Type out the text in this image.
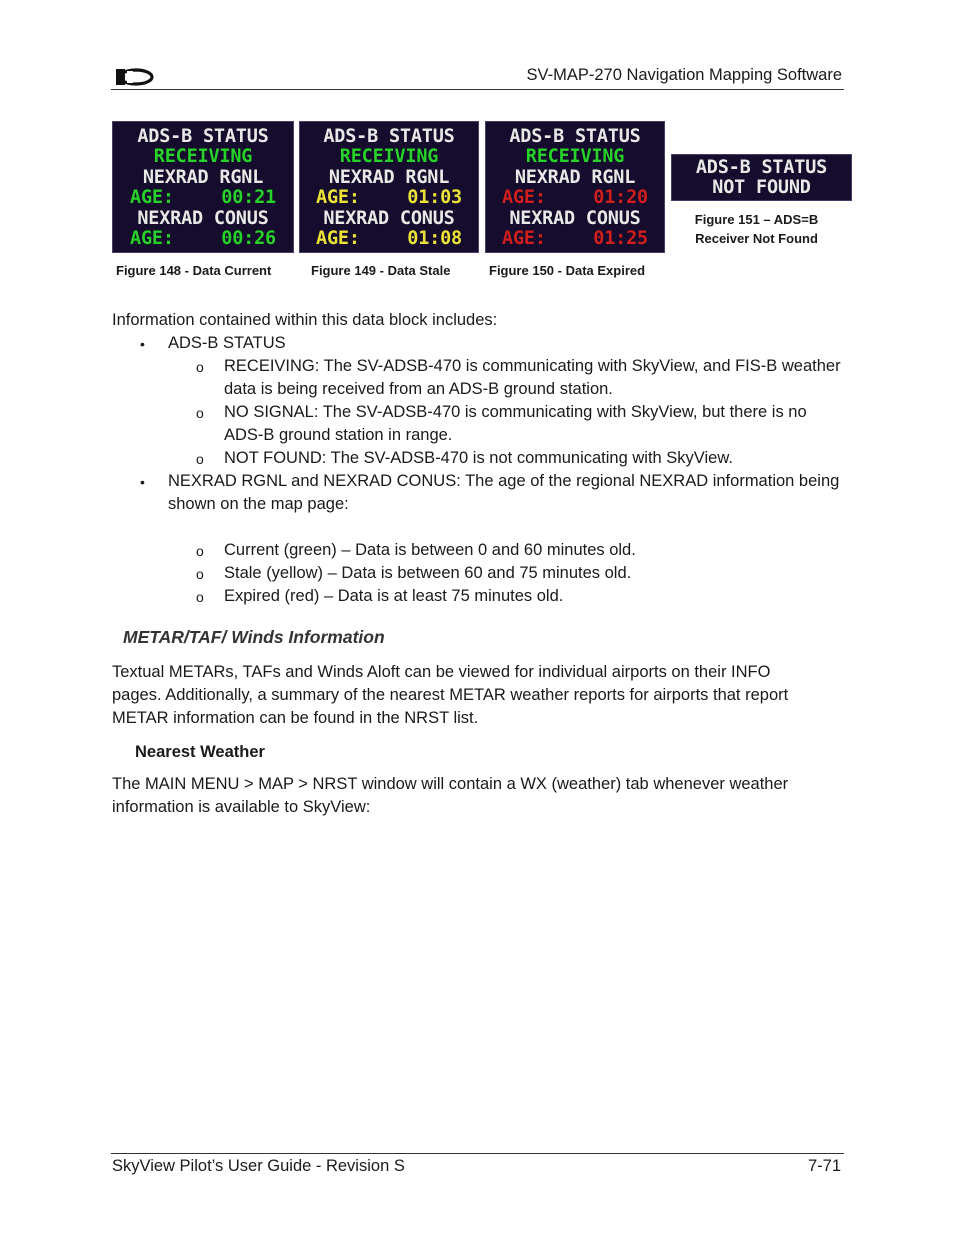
SV-MAP-270 Navigation Mapping Software
ADS-B STATUS
RECEIVING
NEXRAD RGNL
AGE:	00:21
NEXRAD CONUS
AGE:	00:26
Figure 148 - Data Current
ADS-B STATUS
RECEIVING
NEXRAD RGNL
AGE:	01:03
NEXRAD CONUS
AGE:	01:08
Figure 149 - Data Stale
ADS-B STATUS
RECEIVING
NEXRAD RGNL
AGE:	01:20
NEXRAD CONUS
AGE:	01:25
Figure 150 - Data Expired
ADS-B STATUS
NOT FOUND
Figure 151 – ADS=B
Receiver Not Found
Information contained within this data block includes:
• ADS-B STATUS
o RECEIVING: The SV-ADSB-470 is communicating with SkyView, and FIS-B weather
data is being received from an ADS-B ground station.
o NO SIGNAL: The SV-ADSB-470 is communicating with SkyView, but there is no
ADS-B ground station in range.
o NOT FOUND: The SV-ADSB-470 is not communicating with SkyView.
• NEXRAD RGNL and NEXRAD CONUS: The age of the regional NEXRAD information being
shown on the map page:
o Current (green) – Data is between 0 and 60 minutes old.
o Stale (yellow) – Data is between 60 and 75 minutes old.
o Expired (red) – Data is at least 75 minutes old.
METAR/TAF/ Winds Information
Textual METARs, TAFs and Winds Aloft can be viewed for individual airports on their INFO
pages. Additionally, a summary of the nearest METAR weather reports for airports that report
METAR information can be found in the NRST list.
Nearest Weather
The MAIN MENU > MAP > NRST window will contain a WX (weather) tab whenever weather
information is available to SkyView:
SkyView Pilot’s User Guide - Revision S	7-71
